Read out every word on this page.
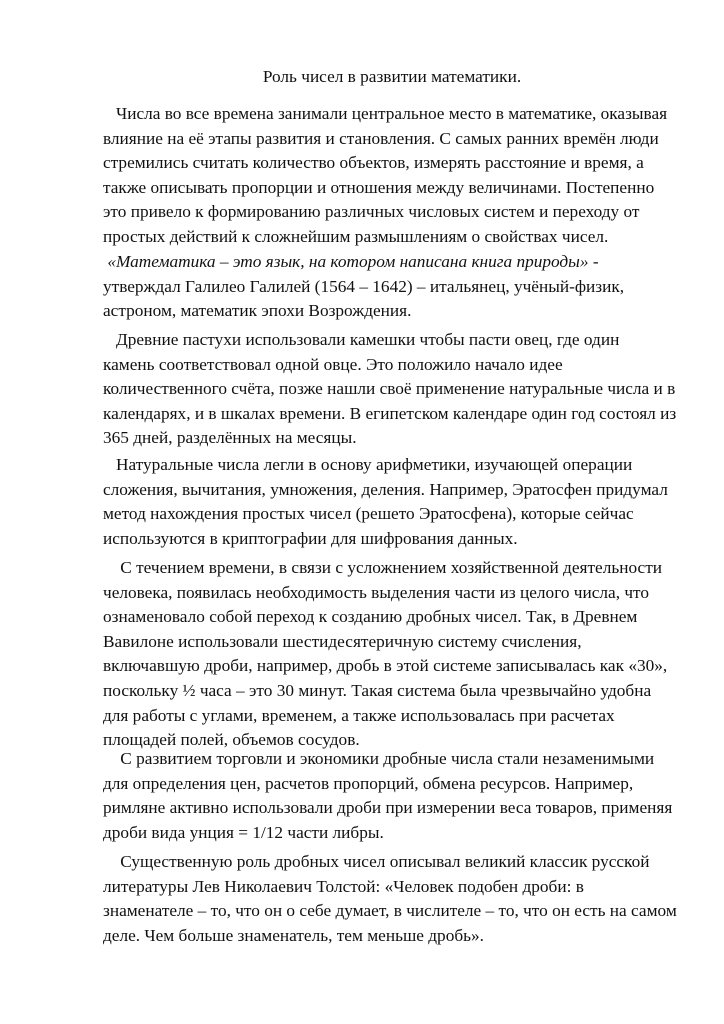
Роль чисел в развитии математики.
Числа во все времена занимали центральное место в математике, оказывая
влияние на её этапы развития и становления. С самых ранних времён люди
стремились считать количество объектов, измерять расстояние и время, а
также описывать пропорции и отношения между величинами. Постепенно
это привело к формированию различных числовых систем и переходу от
простых действий к сложнейшим размышлениям о свойствах чисел.
«Математика – это язык, на котором написана книга природы» -
утверждал Галилео Галилей (1564 – 1642) – итальянец, учёный-физик,
астроном, математик эпохи Возрождения.
Древние пастухи использовали камешки чтобы пасти овец, где один
камень соответствовал одной овце. Это положило начало идее
количественного счёта, позже нашли своё применение натуральные числа и в
календарях, и в шкалах времени. В египетском календаре один год состоял из
365 дней, разделённых на месяцы.
Натуральные числа легли в основу арифметики, изучающей операции
сложения, вычитания, умножения, деления. Например, Эратосфен придумал
метод нахождения простых чисел (решето Эратосфена), которые сейчас
используются в криптографии для шифрования данных.
С течением времени, в связи с усложнением хозяйственной деятельности
человека, появилась необходимость выделения части из целого числа, что
ознаменовало собой переход к созданию дробных чисел. Так, в Древнем
Вавилоне использовали шестидесятеричную систему счисления,
включавшую дроби, например, дробь в этой системе записывалась как «30»,
поскольку ½ часа – это 30 минут. Такая система была чрезвычайно удобна
для работы с углами, временем, а также использовалась при расчетах
площадей полей, объемов сосудов.
С развитием торговли и экономики дробные числа стали незаменимыми
для определения цен, расчетов пропорций, обмена ресурсов. Например,
римляне активно использовали дроби при измерении веса товаров, применяя
дроби вида унция = 1/12 части либры.
Существенную роль дробных чисел описывал великий классик русской
литературы Лев Николаевич Толстой: «Человек подобен дроби: в
знаменателе – то, что он о себе думает, в числителе – то, что он есть на самом
деле. Чем больше знаменатель, тем меньше дробь».
